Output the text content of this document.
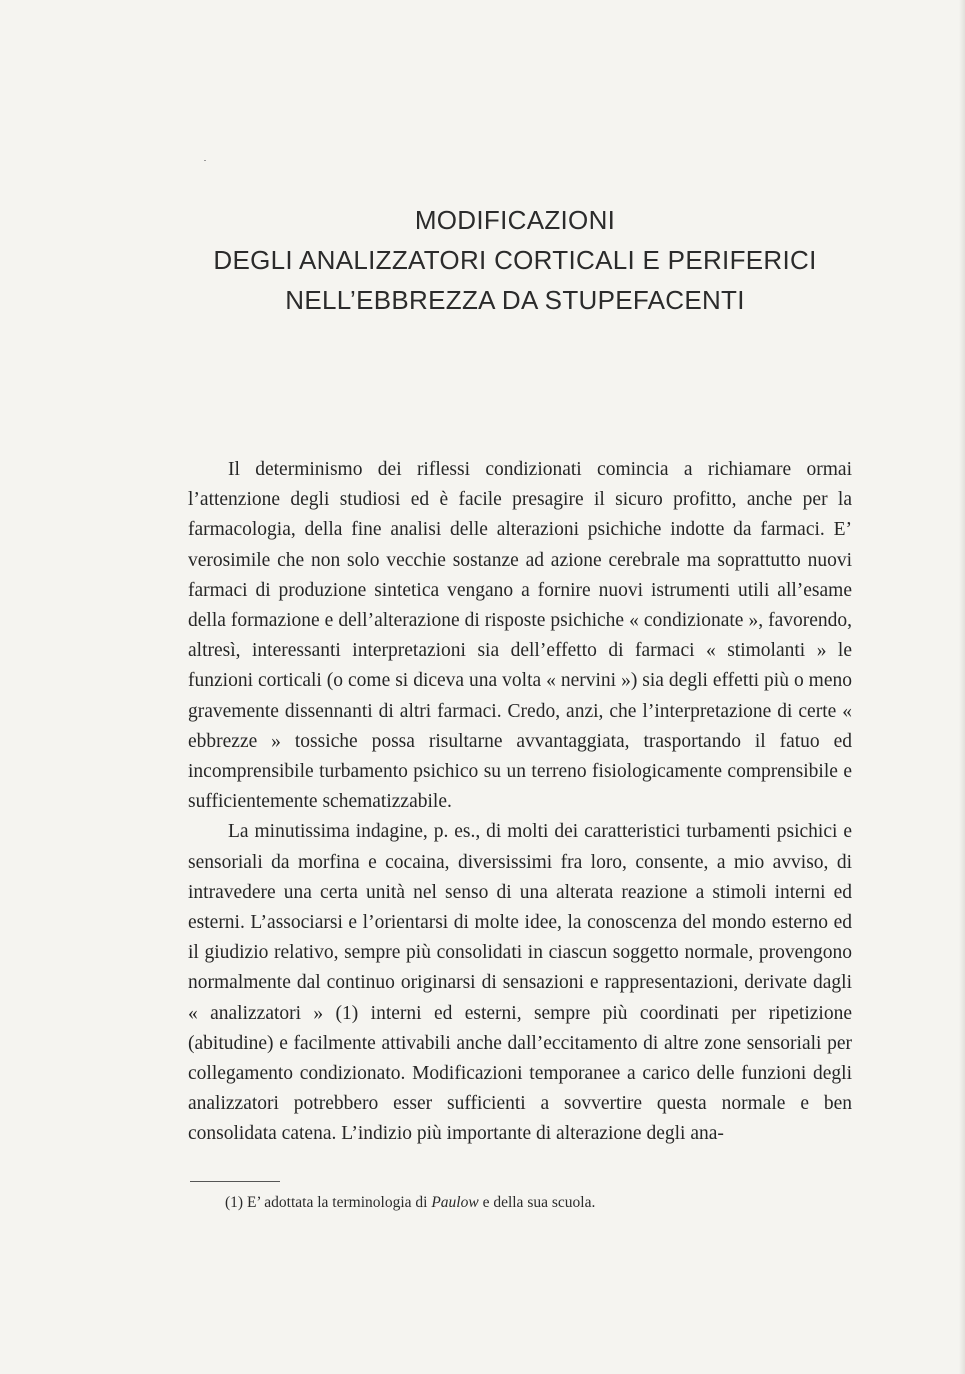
MODIFICAZIONI
DEGLI ANALIZZATORI CORTICALI E PERIFERICI
NELL’EBBREZZA DA STUPEFACENTI

Il determinismo dei riflessi condizionati comincia a richiamare ormai l’attenzione degli studiosi ed è facile presagire il sicuro profitto, anche per la farmacologia, della fine analisi delle alterazioni psichiche indotte da farmaci. E’ verosimile che non solo vecchie sostanze ad azione cerebrale ma soprattutto nuovi farmaci di produzione sintetica vengano a fornire nuovi istrumenti utili all’esame della formazione e dell’alterazione di risposte psichiche « condizionate », favorendo, altresì, interessanti interpretazioni sia dell’effetto di farmaci « stimolanti » le funzioni corticali (o come si diceva una volta « nervini ») sia degli effetti più o meno gravemente dissennanti di altri farmaci. Credo, anzi, che l’interpretazione di certe « ebbrezze » tossiche possa risultarne avvantaggiata, trasportando il fatuo ed incomprensibile turbamento psichico su un terreno fisiologicamente comprensibile e sufficientemente schematizzabile.

La minutissima indagine, p. es., di molti dei caratteristici turbamenti psichici e sensoriali da morfina e cocaina, diversissimi fra loro, consente, a mio avviso, di intravedere una certa unità nel senso di una alterata reazione a stimoli interni ed esterni. L’associarsi e l’orientarsi di molte idee, la conoscenza del mondo esterno ed il giudizio relativo, sempre più consolidati in ciascun soggetto normale, provengono normalmente dal continuo originarsi di sensazioni e rappresentazioni, derivate dagli « analizzatori » (1) interni ed esterni, sempre più coordinati per ripetizione (abitudine) e facilmente attivabili anche dall’eccitamento di altre zone sensoriali per collegamento condizionato. Modificazioni temporanee a carico delle funzioni degli analizzatori potrebbero esser sufficienti a sovvertire questa normale e ben consolidata catena. L’indizio più importante di alterazione degli ana-

(1) E’ adottata la terminologia di Paulow e della sua scuola.
